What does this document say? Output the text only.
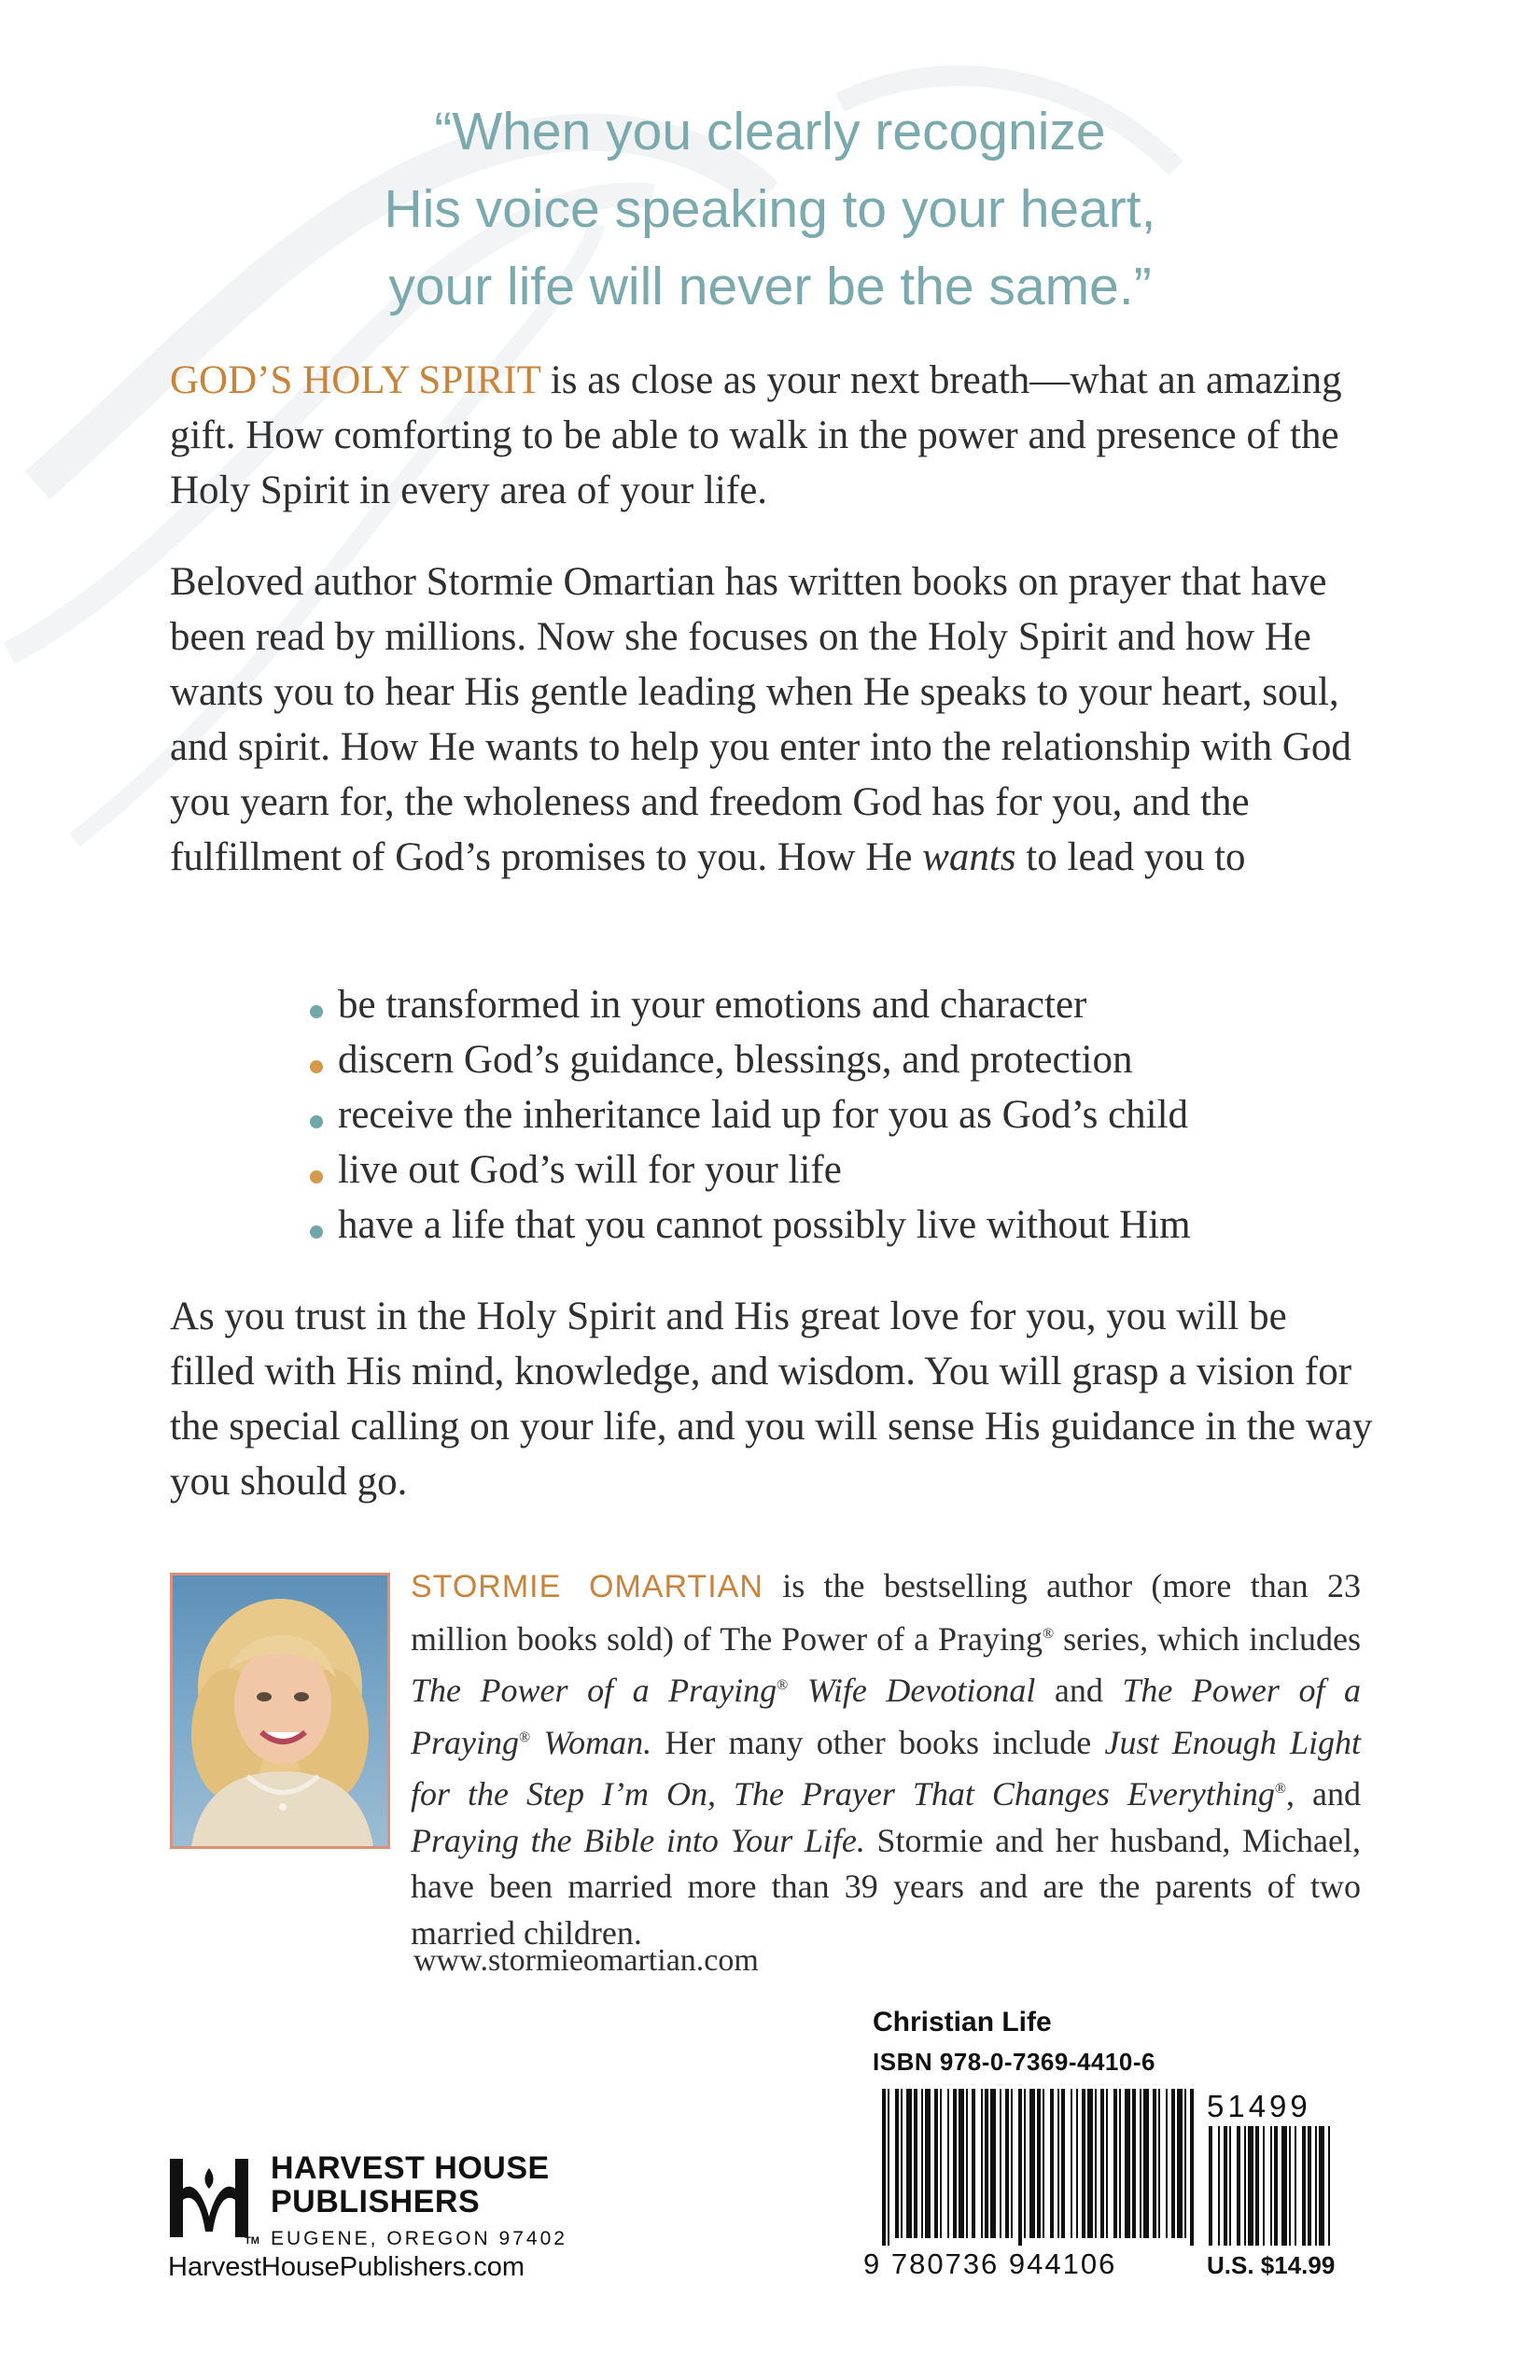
“When you clearly recognize
His voice speaking to your heart,
your life will never be the same.”
GOD’S HOLY SPIRIT is as close as your next breath—what an amazing gift. How comforting to be able to walk in the power and presence of the Holy Spirit in every area of your life.
Beloved author Stormie Omartian has written books on prayer that have been read by millions. Now she focuses on the Holy Spirit and how He wants you to hear His gentle leading when He speaks to your heart, soul, and spirit. How He wants to help you enter into the relationship with God you yearn for, the wholeness and freedom God has for you, and the fulfillment of God’s promises to you. How He wants to lead you to
be transformed in your emotions and character
discern God’s guidance, blessings, and protection
receive the inheritance laid up for you as God’s child
live out God’s will for your life
have a life that you cannot possibly live without Him
As you trust in the Holy Spirit and His great love for you, you will be filled with His mind, knowledge, and wisdom. You will grasp a vision for the special calling on your life, and you will sense His guidance in the way you should go.
STORMIE OMARTIAN is the bestselling author (more than 23 million books sold) of The Power of a Praying® series, which includes The Power of a Praying® Wife Devotional and The Power of a Praying® Woman. Her many other books include Just Enough Light for the Step I’m On, The Prayer That Changes Everything®, and Praying the Bible into Your Life. Stormie and her husband, Michael, have been married more than 39 years and are the parents of two married children.
www.stormieomartian.com
HARVEST HOUSE
PUBLISHERS
TM EUGENE, OREGON 97402
HarvestHousePublishers.com
Christian Life
ISBN 978-0-7369-4410-6
9 780736 944106
51499
U.S. $14.99
